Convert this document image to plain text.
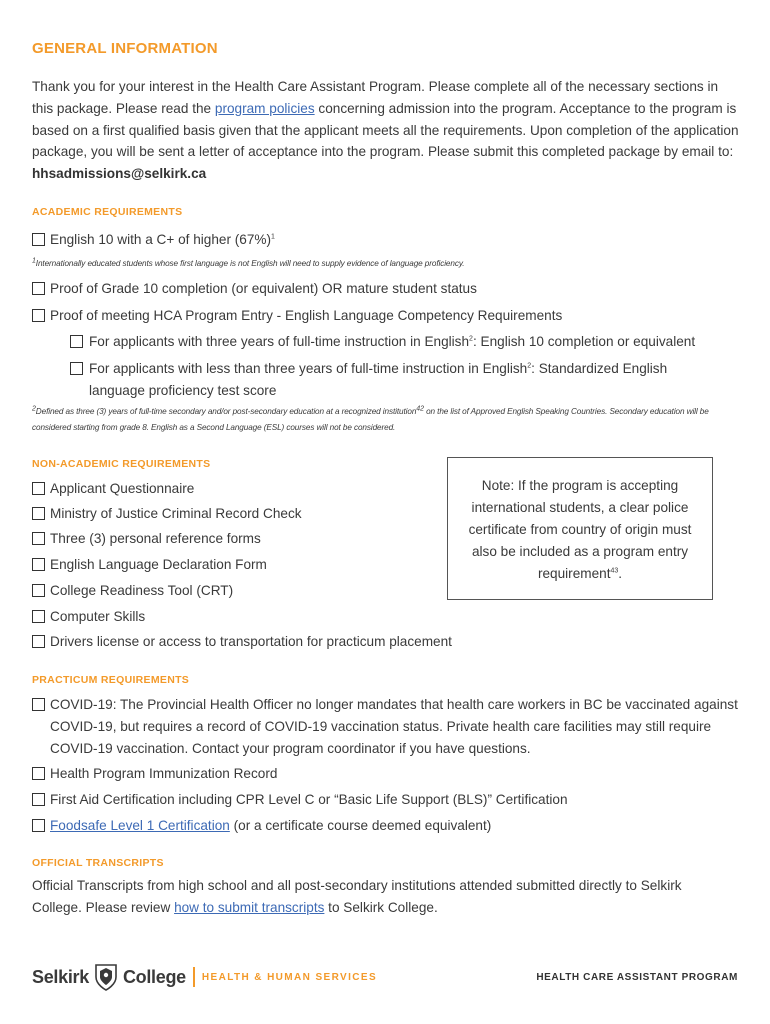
GENERAL INFORMATION
Thank you for your interest in the Health Care Assistant Program. Please complete all of the necessary sections in this package. Please read the program policies concerning admission into the program. Acceptance to the program is based on a first qualified basis given that the applicant meets all the requirements. Upon completion of the application package, you will be sent a letter of acceptance into the program. Please submit this completed package by email to: hhsadmissions@selkirk.ca
ACADEMIC REQUIREMENTS
English 10 with a C+ of higher $(67\%)^1$
$^1$Internationally educated students whose first language is not English will need to supply evidence of language proficiency.
Proof of Grade 10 completion (or equivalent) OR mature student status
Proof of meeting HCA Program Entry - English Language Competency Requirements
For applicants with three years of full-time instruction in English$^2$: English 10 completion or equivalent
For applicants with less than three years of full-time instruction in English$^2$: Standardized English language proficiency test score
$^2$Defined as three (3) years of full-time secondary and/or post-secondary education at a recognized institution$^{42}$ on the list of Approved English Speaking Countries. Secondary education will be considered starting from grade 8. English as a Second Language (ESL) courses will not be considered.
NON-ACADEMIC REQUIREMENTS
Applicant Questionnaire
Ministry of Justice Criminal Record Check
Three (3) personal reference forms
English Language Declaration Form
College Readiness Tool (CRT)
Computer Skills
Drivers license or access to transportation for practicum placement
Note: If the program is accepting international students, a clear police certificate from country of origin must also be included as a program entry requirement$^{43}$.
PRACTICUM REQUIREMENTS
COVID-19: The Provincial Health Officer no longer mandates that health care workers in BC be vaccinated against COVID-19, but requires a record of COVID-19 vaccination status. Private health care facilities may still require COVID-19 vaccination. Contact your program coordinator if you have questions.
Health Program Immunization Record
First Aid Certification including CPR Level C or “Basic Life Support (BLS)” Certification
Foodsafe Level 1 Certification (or a certificate course deemed equivalent)
OFFICIAL TRANSCRIPTS
Official Transcripts from high school and all post-secondary institutions attended submitted directly to Selkirk College. Please review how to submit transcripts to Selkirk College.
Selkirk College HEALTH & HUMAN SERVICES	HEALTH CARE ASSISTANT PROGRAM
